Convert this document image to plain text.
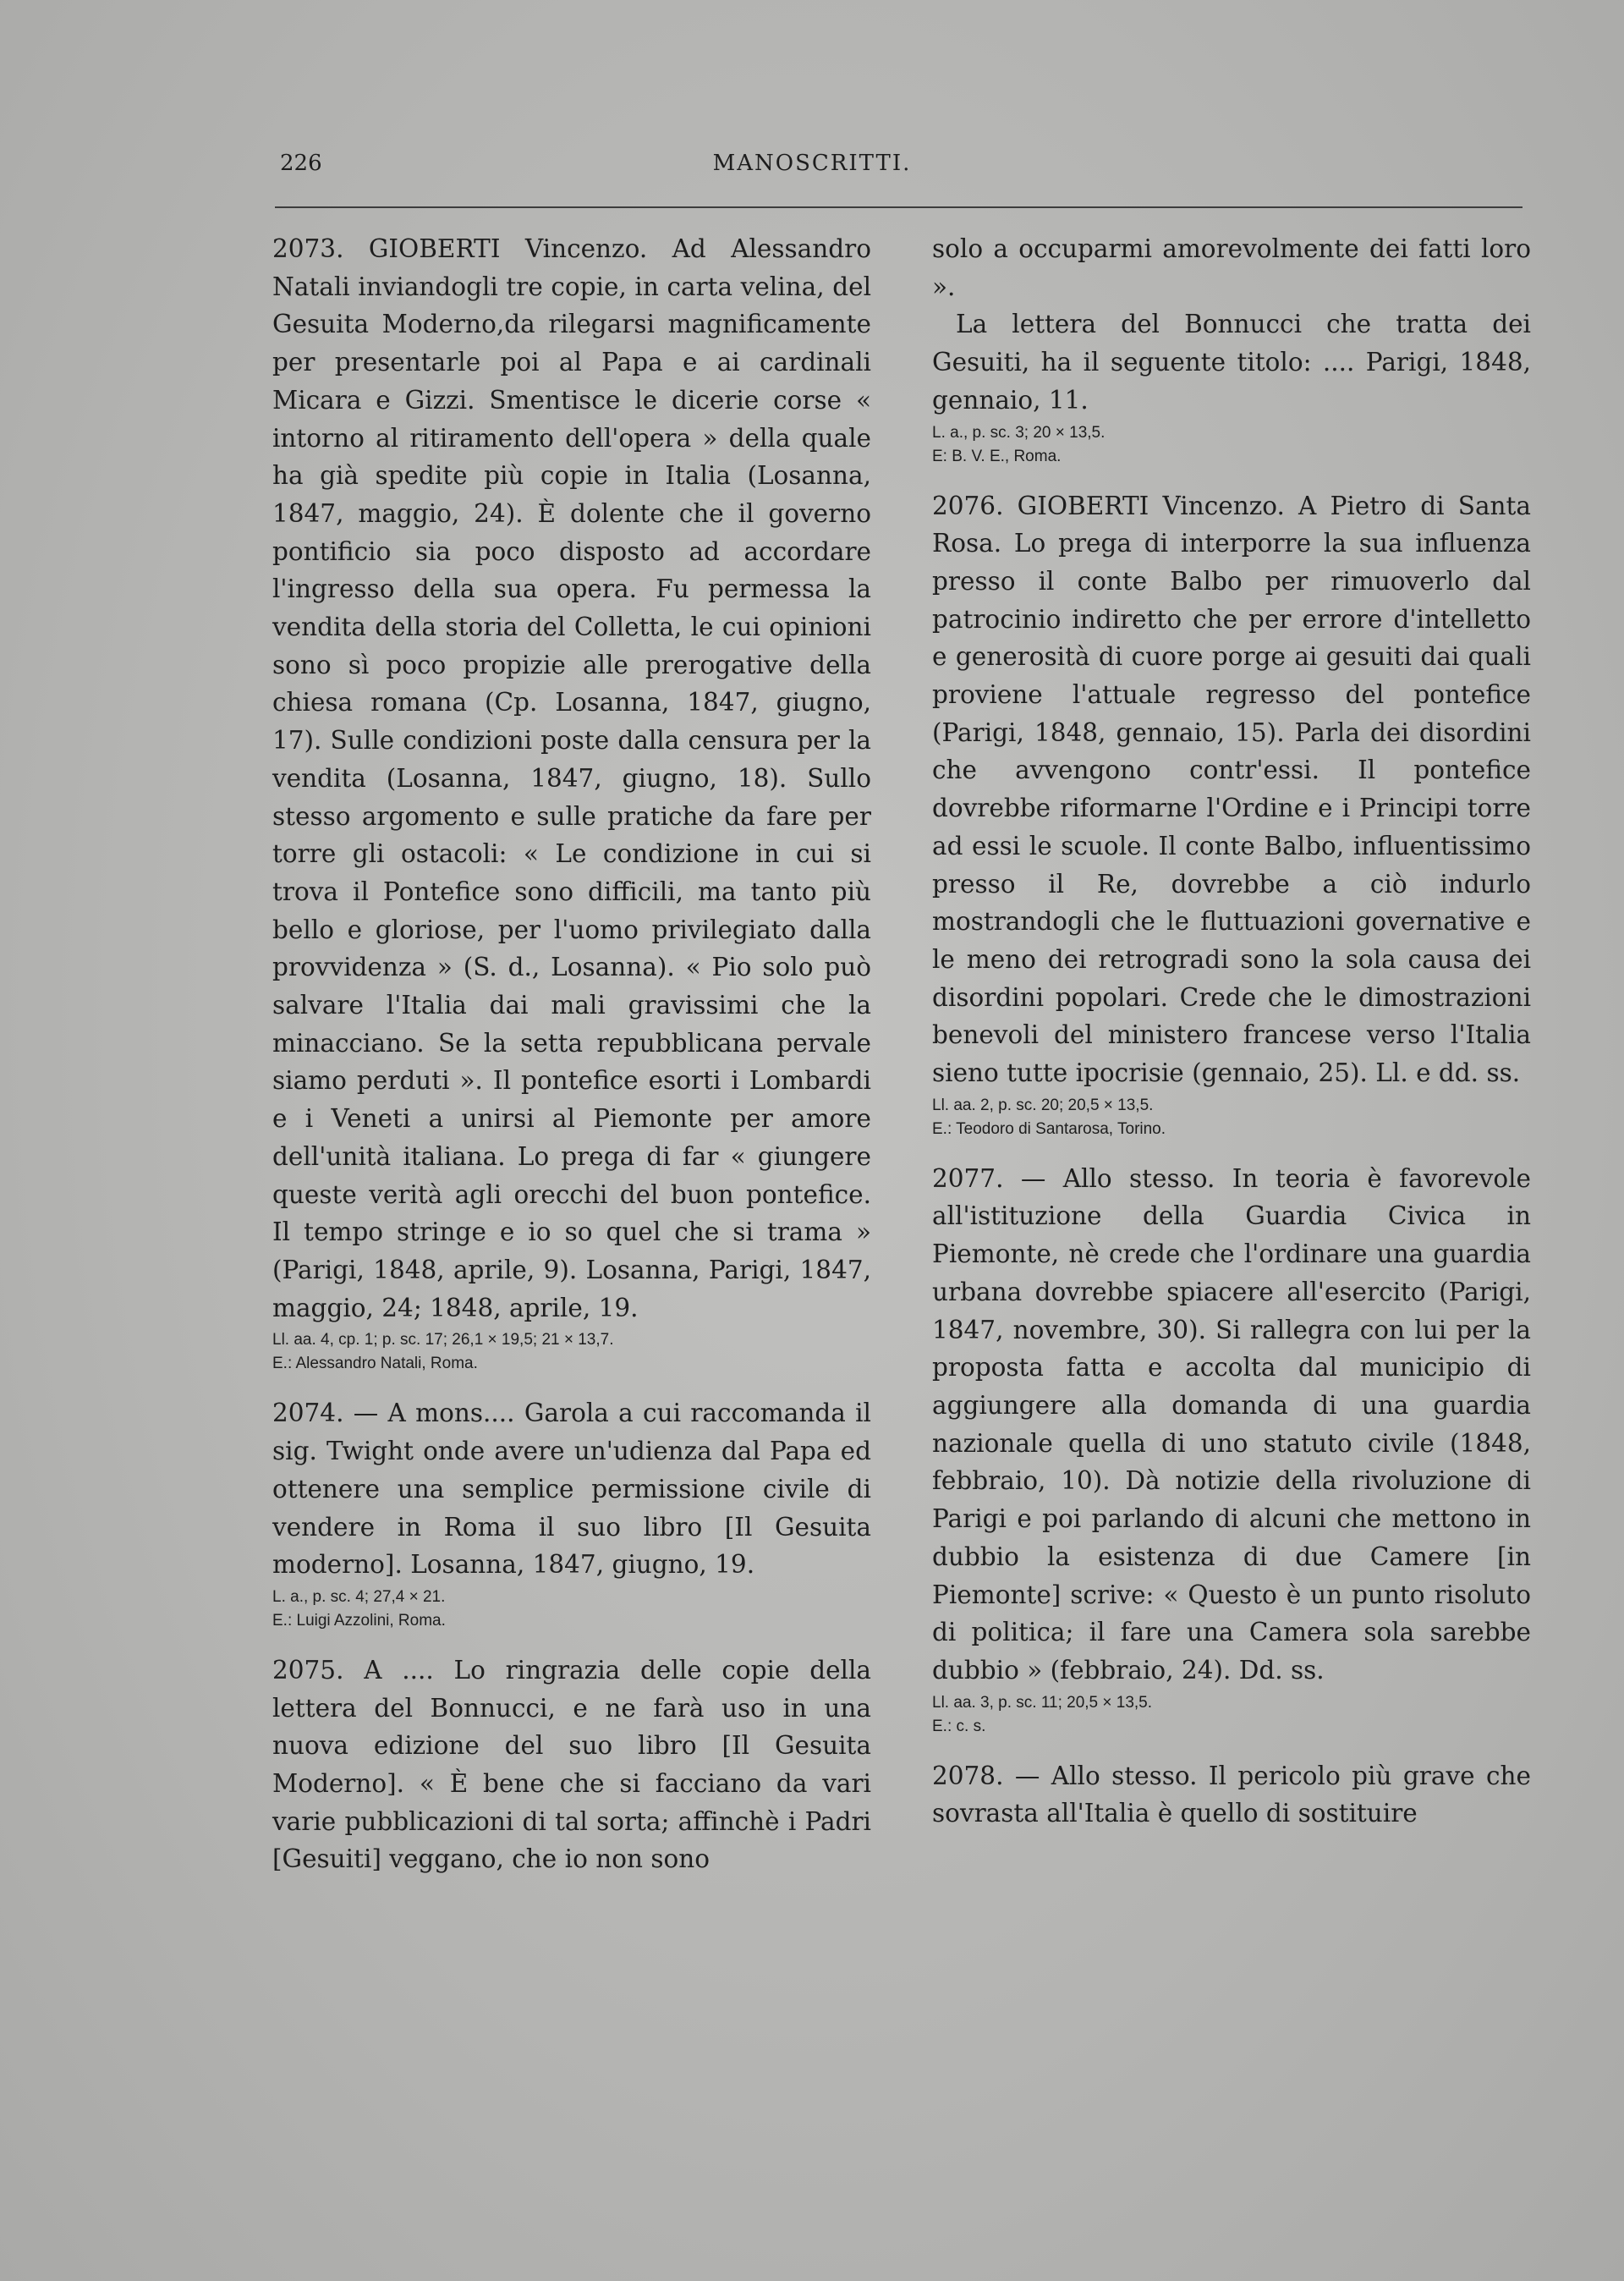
226	MANOSCRITTI.

2073. GIOBERTI Vincenzo. Ad Alessandro Natali inviandogli tre copie, in carta velina, del Gesuita Moderno,da rilegarsi magnificamente per presentarle poi al Papa e ai cardinali Micara e Gizzi. Smentisce le dicerie corse « intorno al ritiramento dell'opera » della quale ha già spedite più copie in Italia (Losanna, 1847, maggio, 24). È dolente che il governo pontificio sia poco disposto ad accordare l'ingresso della sua opera. Fu permessa la vendita della storia del Colletta, le cui opinioni sono sì poco propizie alle prerogative della chiesa romana (Cp. Losanna, 1847, giugno, 17). Sulle condizioni poste dalla censura per la vendita (Losanna, 1847, giugno, 18). Sullo stesso argomento e sulle pratiche da fare per torre gli ostacoli: « Le condizione in cui si trova il Pontefice sono difficili, ma tanto più bello e gloriose, per l'uomo privilegiato dalla provvidenza » (S. d., Losanna). « Pio solo può salvare l'Italia dai mali gravissimi che la minacciano. Se la setta repubblicana pervale siamo perduti ». Il pontefice esorti i Lombardi e i Veneti a unirsi al Piemonte per amore dell'unità italiana. Lo prega di far « giungere queste verità agli orecchi del buon pontefice. Il tempo stringe e io so quel che si trama » (Parigi, 1848, aprile, 9). Losanna, Parigi, 1847, maggio, 24; 1848, aprile, 19.

Ll. aa. 4, cp. 1; p. sc. 17; 26,1 × 19,5; 21 × 13,7.

E.: Alessandro Natali, Roma.

2074. — A mons.... Garola a cui raccomanda il sig. Twight onde avere un'udienza dal Papa ed ottenere una semplice permissione civile di vendere in Roma il suo libro [Il Gesuita moderno]. Losanna, 1847, giugno, 19.

L. a., p. sc. 4; 27,4 × 21.

E.: Luigi Azzolini, Roma.

2075. A .... Lo ringrazia delle copie della lettera del Bonnucci, e ne farà uso in una nuova edizione del suo libro [Il Gesuita Moderno]. « È bene che si facciano da vari varie pubblicazioni di tal sorta; affinchè i Padri [Gesuiti] veggano, che io non sono

solo a occuparmi amorevolmente dei fatti loro ».

La lettera del Bonnucci che tratta dei Gesuiti, ha il seguente titolo: .... Parigi, 1848, gennaio, 11.

L. a., p. sc. 3; 20 × 13,5.

E: B. V. E., Roma.

2076. GIOBERTI Vincenzo. A Pietro di Santa Rosa. Lo prega di interporre la sua influenza presso il conte Balbo per rimuoverlo dal patrocinio indiretto che per errore d'intelletto e generosità di cuore porge ai gesuiti dai quali proviene l'attuale regresso del pontefice (Parigi, 1848, gennaio, 15). Parla dei disordini che avvengono contr'essi. Il pontefice dovrebbe riformarne l'Ordine e i Principi torre ad essi le scuole. Il conte Balbo, influentissimo presso il Re, dovrebbe a ciò indurlo mostrandogli che le fluttuazioni governative e le meno dei retrogradi sono la sola causa dei disordini popolari. Crede che le dimostrazioni benevoli del ministero francese verso l'Italia sieno tutte ipocrisie (gennaio, 25). Ll. e dd. ss.

Ll. aa. 2, p. sc. 20; 20,5 × 13,5.

E.: Teodoro di Santarosa, Torino.

2077. — Allo stesso. In teoria è favorevole all'istituzione della Guardia Civica in Piemonte, nè crede che l'ordinare una guardia urbana dovrebbe spiacere all'esercito (Parigi, 1847, novembre, 30). Si rallegra con lui per la proposta fatta e accolta dal municipio di aggiungere alla domanda di una guardia nazionale quella di uno statuto civile (1848, febbraio, 10). Dà notizie della rivoluzione di Parigi e poi parlando di alcuni che mettono in dubbio la esistenza di due Camere [in Piemonte] scrive: « Questo è un punto risoluto di politica; il fare una Camera sola sarebbe dubbio » (febbraio, 24). Dd. ss.

Ll. aa. 3, p. sc. 11; 20,5 × 13,5.

E.: c. s.

2078. — Allo stesso. Il pericolo più grave che sovrasta all'Italia è quello di sostituire
